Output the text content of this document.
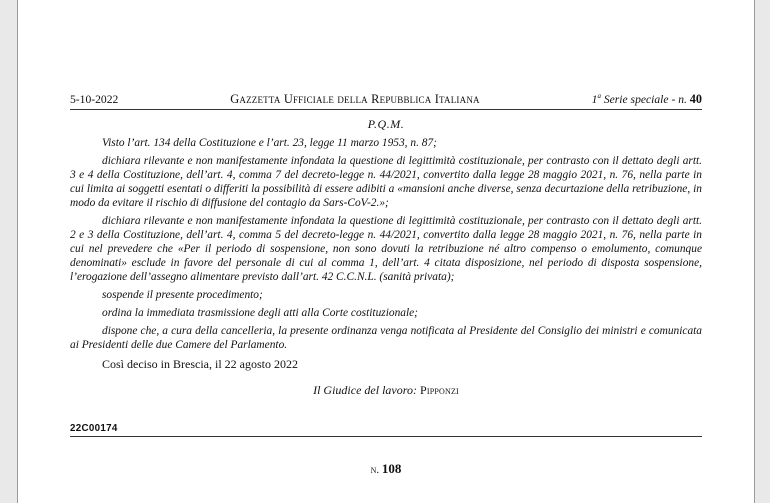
5-10-2022	Gazzetta Ufficiale della Repubblica Italiana	1$^a$ Serie speciale - n. 40
P.Q.M.

Visto l’art. 134 della Costituzione e l’art. 23, legge 11 marzo 1953, n. 87;

dichiara rilevante e non manifestamente infondata la questione di legittimità costituzionale, per contrasto con il dettato degli artt. 3 e 4 della Costituzione, dell’art. 4, comma 7 del decreto-legge n. 44/2021, convertito dalla legge 28 maggio 2021, n. 76, nella parte in cui limita ai soggetti esentati o differiti la possibilità di essere adibiti a «mansioni anche diverse, senza decurtazione della retribuzione, in modo da evitare il rischio di diffusione del contagio da Sars-CoV-2.»;

dichiara rilevante e non manifestamente infondata la questione di legittimità costituzionale, per contrasto con il dettato degli artt. 2 e 3 della Costituzione, dell’art. 4, comma 5 del decreto-legge n. 44/2021, convertito dalla legge 28 maggio 2021, n. 76, nella parte in cui nel prevedere che «Per il periodo di sospensione, non sono dovuti la retribuzione né altro compenso o emolumento, comunque denominati» esclude in favore del personale di cui al comma 1, dell’art. 4 citata disposizione, nel periodo di disposta sospensione, l’erogazione dell’assegno alimentare previsto dall’art. 42 C.C.N.L. (sanità privata);

sospende il presente procedimento;

ordina la immediata trasmissione degli atti alla Corte costituzionale;

dispone che, a cura della cancelleria, la presente ordinanza venga notificata al Presidente del Consiglio dei ministri e comunicata ai Presidenti delle due Camere del Parlamento.

Così deciso in Brescia, il 22 agosto 2022
Il Giudice del lavoro: Pipponzi
22C00174
n. 108
